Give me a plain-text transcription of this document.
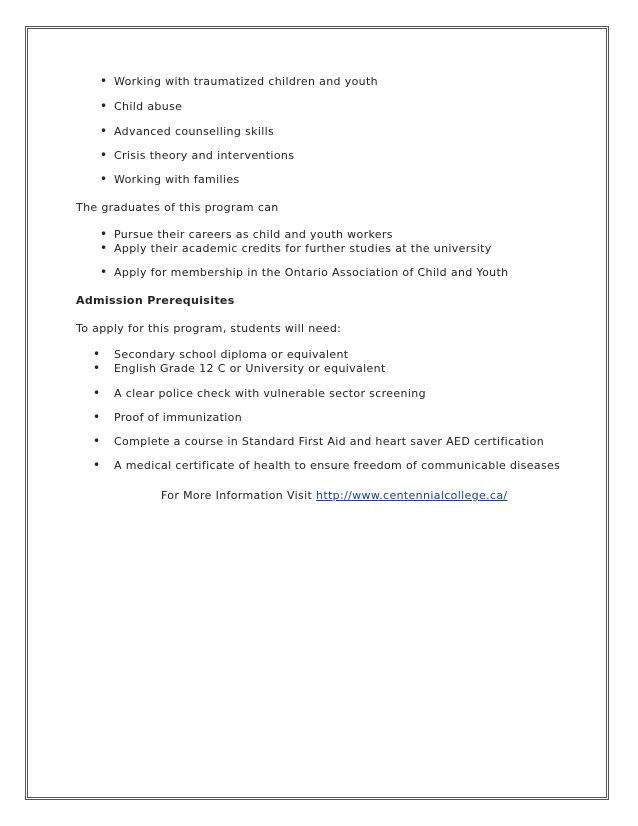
• Working with traumatized children and youth
• Child abuse
• Advanced counselling skills
• Crisis theory and interventions
• Working with families
The graduates of this program can
• Pursue their careers as child and youth workers
• Apply their academic credits for further studies at the university
• Apply for membership in the Ontario Association of Child and Youth
Admission Prerequisites
To apply for this program, students will need:
• Secondary school diploma or equivalent
• English Grade 12 C or University or equivalent
• A clear police check with vulnerable sector screening
• Proof of immunization
• Complete a course in Standard First Aid and heart saver AED certification
• A medical certificate of health to ensure freedom of communicable diseases
For More Information Visit http://www.centennialcollege.ca/
